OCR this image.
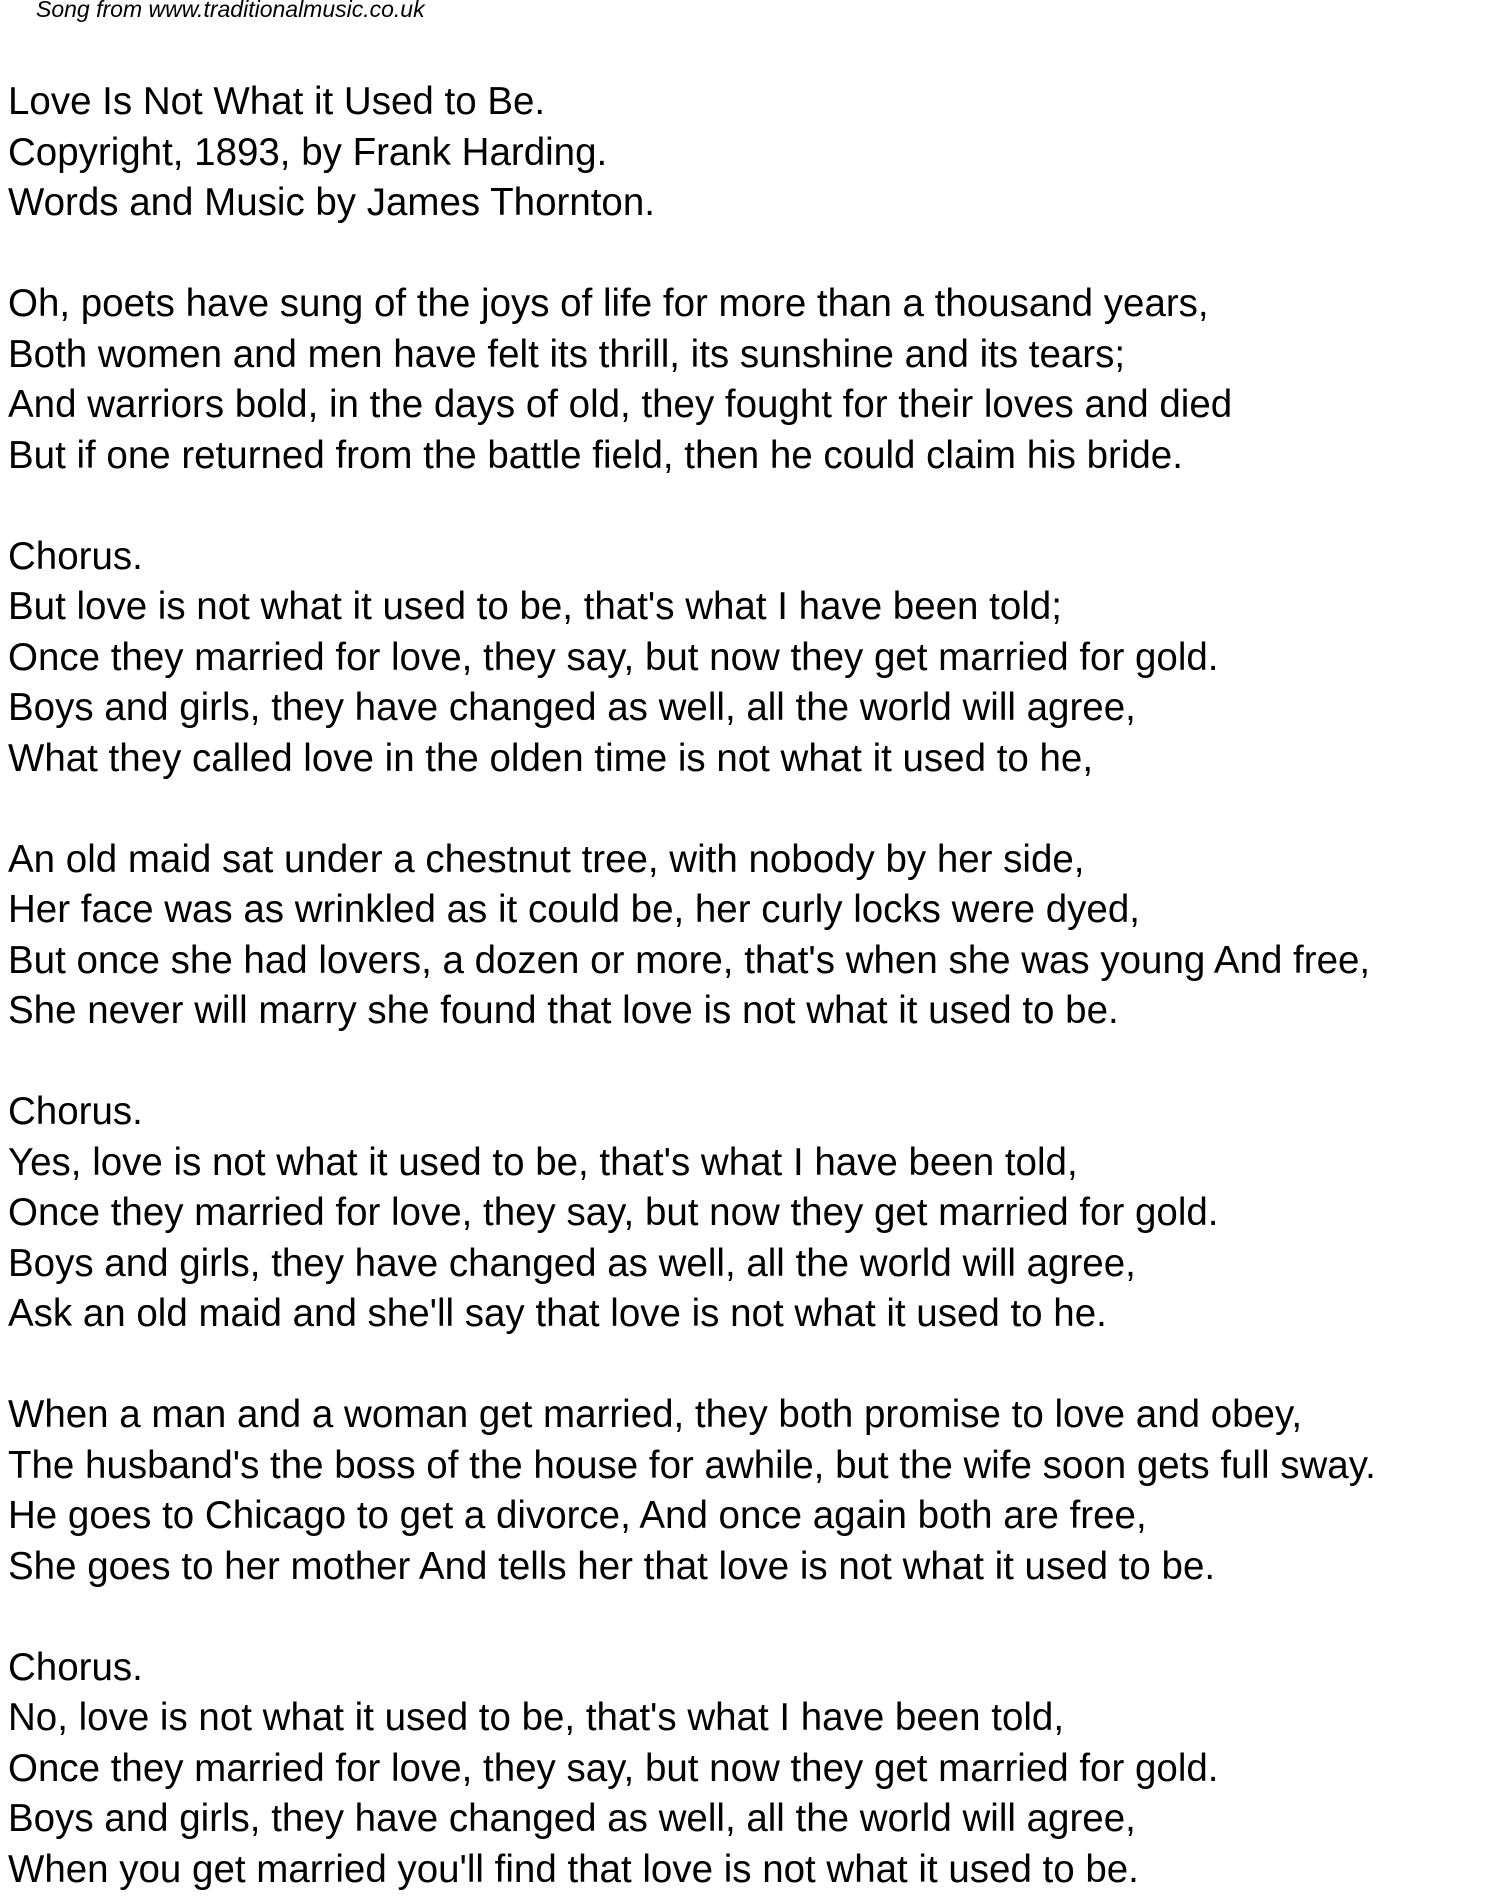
Song from www.traditionalmusic.co.uk
Love Is Not What it Used to Be.
Copyright, 1893, by Frank Harding.
Words and Music by James Thornton.
Oh, poets have sung of the joys of life for more than a thousand years,
Both women and men have felt its thrill, its sunshine and its tears;
And warriors bold, in the days of old, they fought for their loves and died
But if one returned from the battle field, then he could claim his bride.
Chorus.
But love is not what it used to be, that's what I have been told;
Once they married for love, they say, but now they get married for gold.
Boys and girls, they have changed as well, all the world will agree,
What they called love in the olden time is not what it used to he,
An old maid sat under a chestnut tree, with nobody by her side,
Her face was as wrinkled as it could be, her curly locks were dyed,
But once she had lovers, a dozen or more, that's when she was young And free,
She never will marry she found that love is not what it used to be.
Chorus.
Yes, love is not what it used to be, that's what I have been told,
Once they married for love, they say, but now they get married for gold.
Boys and girls, they have changed as well, all the world will agree,
Ask an old maid and she'll say that love is not what it used to he.
When a man and a woman get married, they both promise to love and obey,
The husband's the boss of the house for awhile, but the wife soon gets full sway.
He goes to Chicago to get a divorce, And once again both are free,
She goes to her mother And tells her that love is not what it used to be.
Chorus.
No, love is not what it used to be, that's what I have been told,
Once they married for love, they say, but now they get married for gold.
Boys and girls, they have changed as well, all the world will agree,
When you get married you'll find that love is not what it used to be.
